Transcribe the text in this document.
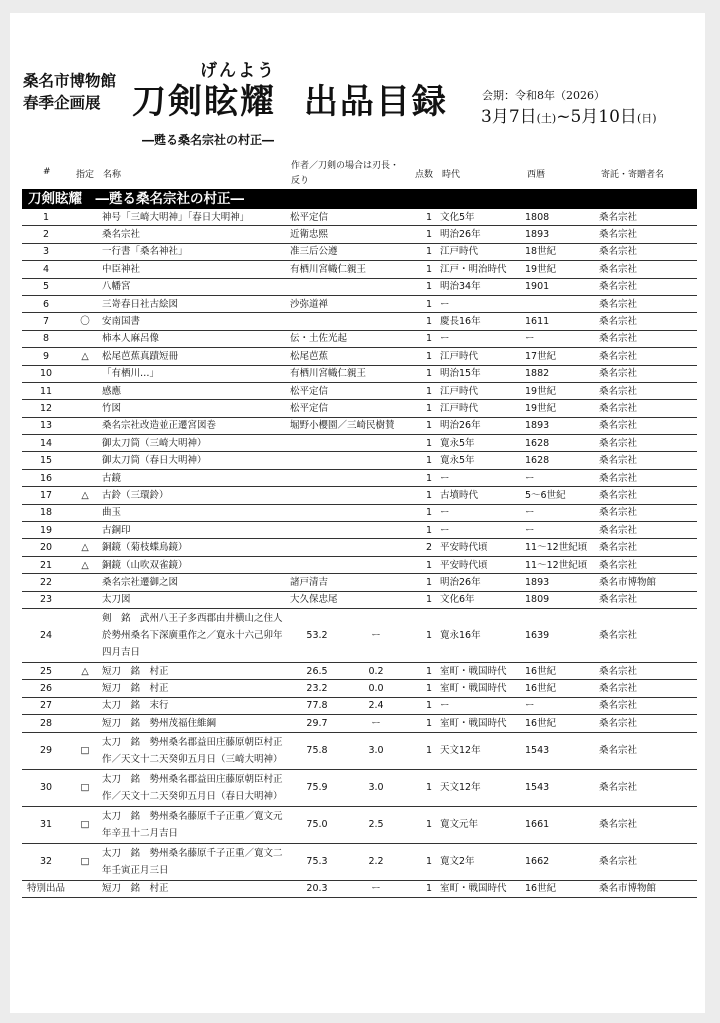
桑名市博物館
春季企画展
げんよう
刀剣眩耀 出品目録
―甦る桑名宗社の村正―
会期：令和8年（2026）
3月7日(土)~5月10日(日)
#	指定 名称
作者／刀剣の場合は刃長・
反り
点数 時代	西暦	寄託・寄贈者名
刀剣眩耀　―甦る桑名宗社の村正―
1		神号「三崎大明神」「春日大明神」	松平定信			1	文化5年	1808	桑名宗社
2		桑名宗社	近衛忠熙			1	明治26年	1893	桑名宗社
3		一行書「桑名神社」	准三后公遵			1	江戸時代	18世紀	桑名宗社
4		中臣神社	有栖川宮幟仁親王			1	江戸・明治時代	19世紀	桑名宗社
5		八幡宮				1	明治34年	1901	桑名宗社
6		三嵜春日社古絵図	沙弥道禅			1	ー		桑名宗社
7	〇	安南国書				1	慶長16年	1611	桑名宗社
8		柿本人麻呂像	伝・土佐光起			1	ー	ー	桑名宗社
9	△	松尾芭蕉真蹟短冊	松尾芭蕉			1	江戸時代	17世紀	桑名宗社
10		「有栖川…」	有栖川宮幟仁親王			1	明治15年	1882	桑名宗社
11		感應	松平定信			1	江戸時代	19世紀	桑名宗社
12		竹図	松平定信			1	江戸時代	19世紀	桑名宗社
13		桑名宗社改造並正遷宮図巻	堀野小櫻園／三崎民樹賛			1	明治26年	1893	桑名宗社
14		御太刀筒（三崎大明神）				1	寛永5年	1628	桑名宗社
15		御太刀筒（春日大明神）				1	寛永5年	1628	桑名宗社
16		古鏡				1	ー	ー	桑名宗社
17	△	古鈴（三環鈴）				1	古墳時代	5～6世紀	桑名宗社
18		曲玉				1	ー	ー	桑名宗社
19		古銅印				1	ー	ー	桑名宗社
20	△	銅鏡（菊枝蝶鳥鏡）				2	平安時代頃	11～12世紀頃	桑名宗社
21	△	銅鏡（山吹双雀鏡）				1	平安時代頃	11～12世紀頃	桑名宗社
22		桑名宗社遷御之図	諸戸清吉			1	明治26年	1893	桑名市博物館
23		太刀図	大久保忠尾			1	文化6年	1809	桑名宗社
24		剣　銘　武州八王子多西郡由井横山之住人於勢州桑名下深廣重作之／寛永十六己卯年四月吉日	53.2	ー		1	寛永16年	1639	桑名宗社
25	△	短刀　銘　村正	26.5	0.2		1	室町・戦国時代	16世紀	桑名宗社
26		短刀　銘　村正	23.2	0.0		1	室町・戦国時代	16世紀	桑名宗社
27		太刀　銘　末行	77.8	2.4		1	ー	ー	桑名宗社
28		短刀　銘　勢州茂福住維綱	29.7	ー		1	室町・戦国時代	16世紀	桑名宗社
29	□	太刀　銘　勢州桑名郡益田庄藤原朝臣村正作／天文十二天癸卯五月日（三崎大明神）	75.8	3.0		1	天文12年	1543	桑名宗社
30	□	太刀　銘　勢州桑名郡益田庄藤原朝臣村正作／天文十二天癸卯五月日（春日大明神）	75.9	3.0		1	天文12年	1543	桑名宗社
31	□	太刀　銘　勢州桑名藤原千子正重／寛文元年辛丑十二月吉日	75.0	2.5		1	寛文元年	1661	桑名宗社
32	□	太刀　銘　勢州桑名藤原千子正重／寛文二年壬寅正月三日	75.3	2.2		1	寛文2年	1662	桑名宗社
特別出品		短刀　銘　村正	20.3	ー		1	室町・戦国時代	16世紀	桑名市博物館
